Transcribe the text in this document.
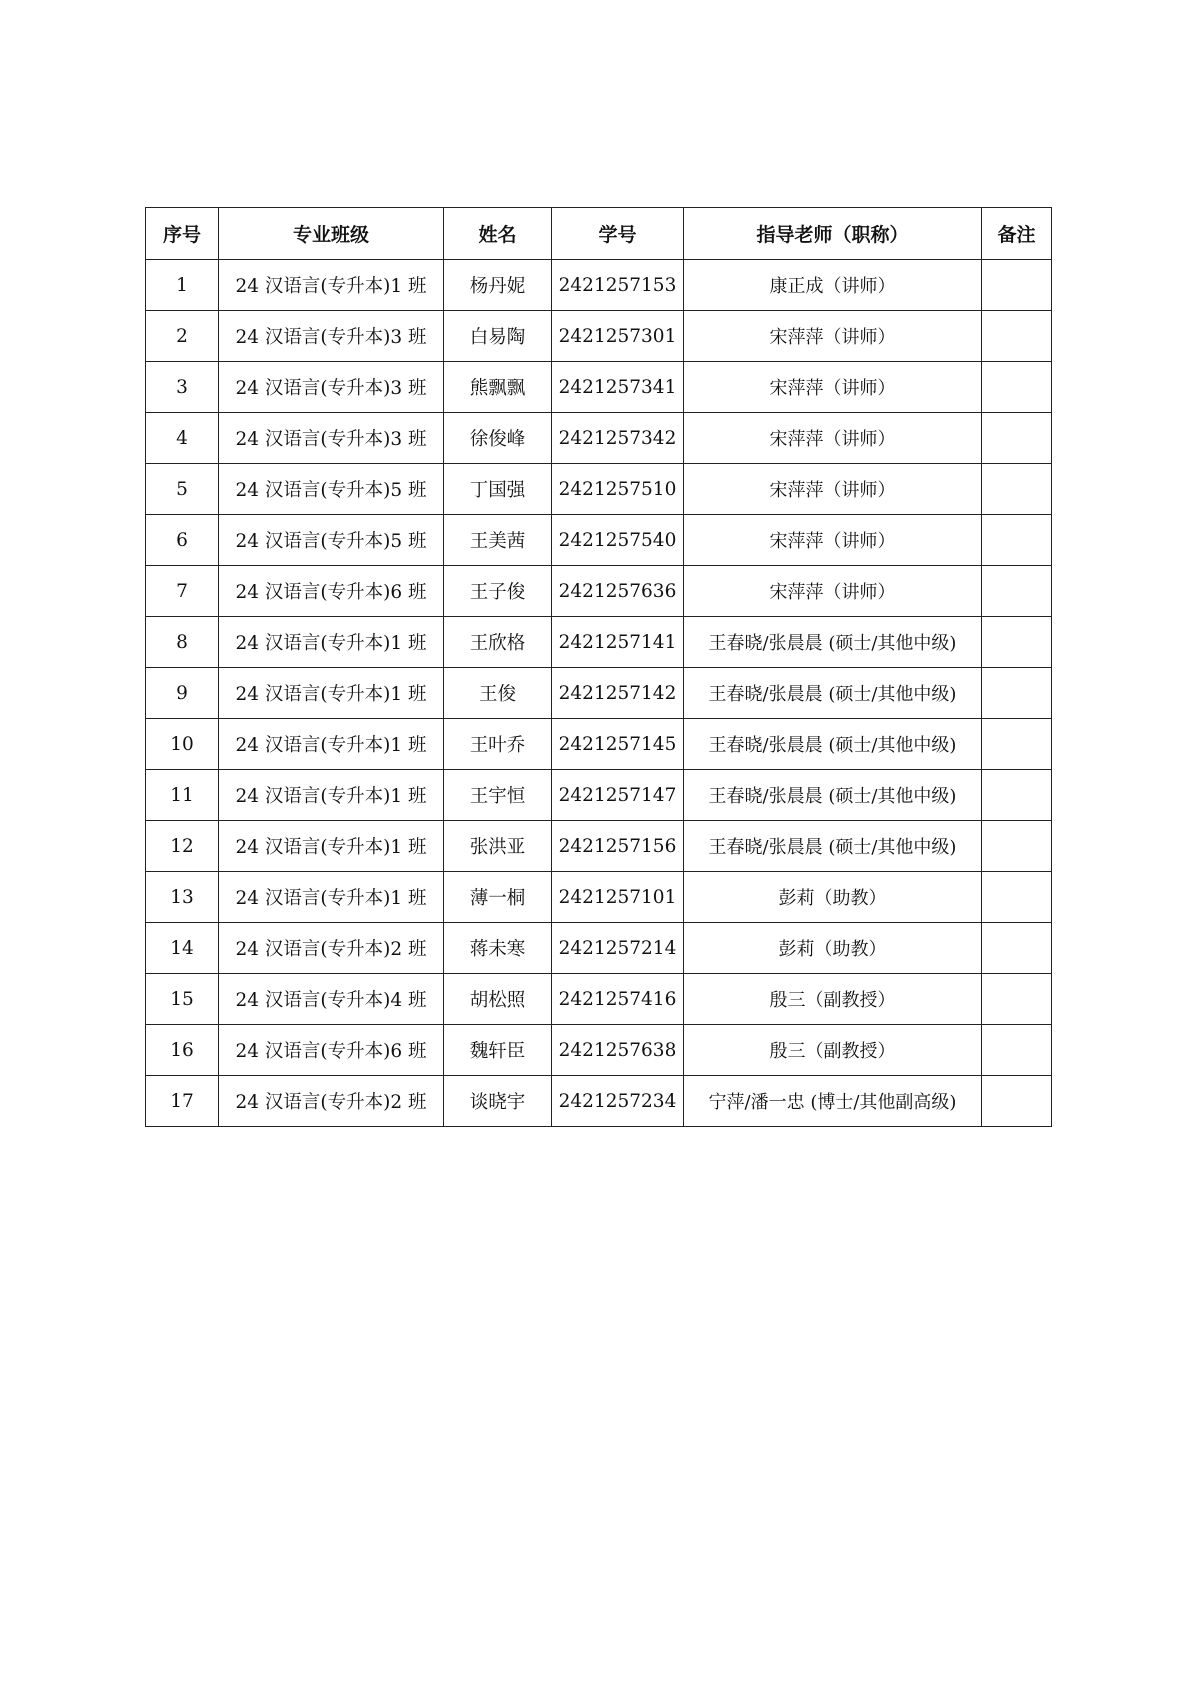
序号	专业班级	姓名	学号	指导老师（职称）	备注
1	24 汉语言(专升本)1 班	杨丹妮	2421257153	康正成（讲师）	
2	24 汉语言(专升本)3 班	白易陶	2421257301	宋萍萍（讲师）	
3	24 汉语言(专升本)3 班	熊飘飘	2421257341	宋萍萍（讲师）	
4	24 汉语言(专升本)3 班	徐俊峰	2421257342	宋萍萍（讲师）	
5	24 汉语言(专升本)5 班	丁国强	2421257510	宋萍萍（讲师）	
6	24 汉语言(专升本)5 班	王美茜	2421257540	宋萍萍（讲师）	
7	24 汉语言(专升本)6 班	王子俊	2421257636	宋萍萍（讲师）	
8	24 汉语言(专升本)1 班	王欣格	2421257141	王春晓/张晨晨 (硕士/其他中级)	
9	24 汉语言(专升本)1 班	王俊	2421257142	王春晓/张晨晨 (硕士/其他中级)	
10	24 汉语言(专升本)1 班	王叶乔	2421257145	王春晓/张晨晨 (硕士/其他中级)	
11	24 汉语言(专升本)1 班	王宇恒	2421257147	王春晓/张晨晨 (硕士/其他中级)	
12	24 汉语言(专升本)1 班	张洪亚	2421257156	王春晓/张晨晨 (硕士/其他中级)	
13	24 汉语言(专升本)1 班	薄一桐	2421257101	彭莉（助教）	
14	24 汉语言(专升本)2 班	蒋未寒	2421257214	彭莉（助教）	
15	24 汉语言(专升本)4 班	胡松照	2421257416	殷三（副教授）	
16	24 汉语言(专升本)6 班	魏轩臣	2421257638	殷三（副教授）	
17	24 汉语言(专升本)2 班	谈晓宇	2421257234	宁萍/潘一忠 (博士/其他副高级)	
